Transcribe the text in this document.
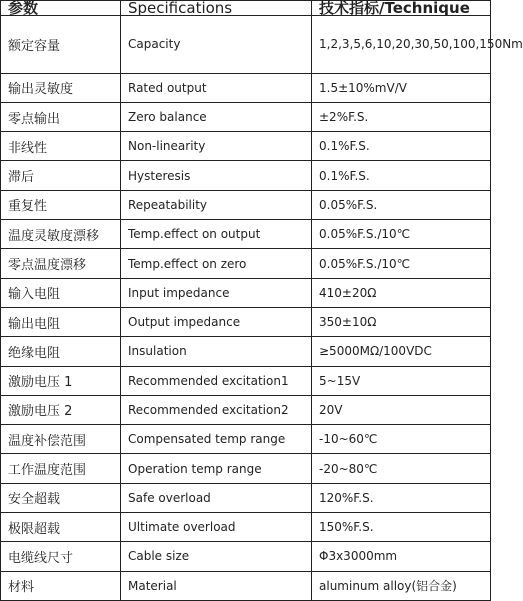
参数	Specifications	技术指标/Technique
额定容量	Capacity	1,2,3,5,6,10,20,30,50,100,150Nm
输出灵敏度	Rated output	1.5±10%mV/V
零点输出	Zero balance	±2%F.S.
非线性	Non-linearity	0.1%F.S.
滞后	Hysteresis	0.1%F.S.
重复性	Repeatability	0.05%F.S.
温度灵敏度漂移	Temp.effect on output	0.05%F.S./10℃
零点温度漂移	Temp.effect on zero	0.05%F.S./10℃
输入电阻	Input impedance	410±20Ω
输出电阻	Output impedance	350±10Ω
绝缘电阻	Insulation	≥5000MΩ/100VDC
激励电压 1	Recommended excitation1	5~15V
激励电压 2	Recommended excitation2	20V
温度补偿范围	Compensated temp range	-10~60℃
工作温度范围	Operation temp range	-20~80℃
安全超载	Safe overload	120%F.S.
极限超载	Ultimate overload	150%F.S.
电缆线尺寸	Cable size	Φ3x3000mm
材料	Material	aluminum alloy(铝合金)
